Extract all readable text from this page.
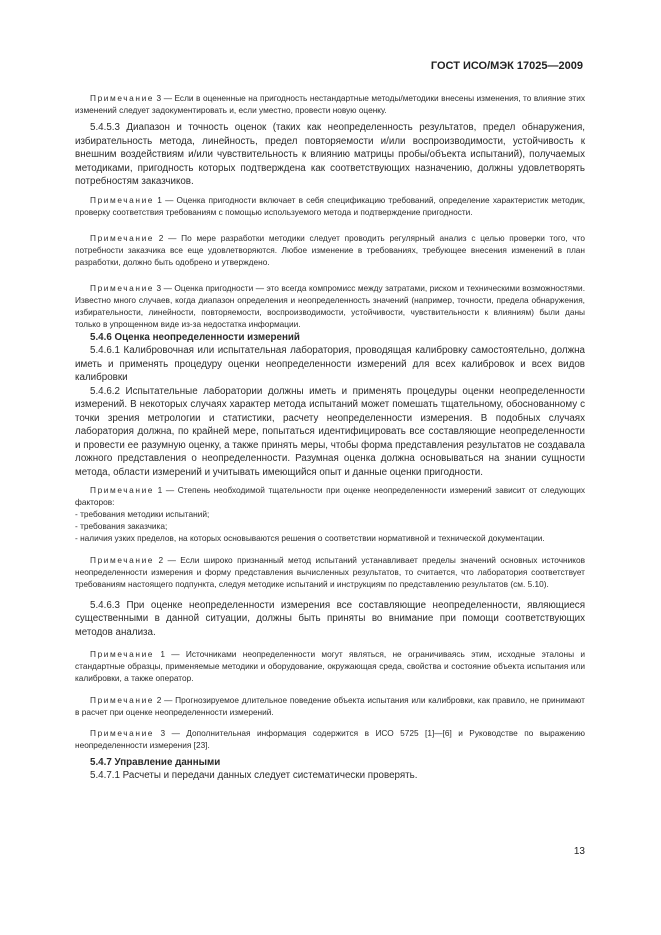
ГОСТ ИСО/МЭК 17025—2009

Примечание 3 — Если в оцененные на пригодность нестандартные методы/методики внесены изменения, то влияние этих изменений следует задокументировать и, если уместно, провести новую оценку.

5.4.5.3 Диапазон и точность оценок (таких как неопределенность результатов, предел обнаружения, избирательность метода, линейность, предел повторяемости и/или воспроизводимости, устойчивость к внешним воздействиям и/или чувствительность к влиянию матрицы пробы/объекта испытаний), получаемых методиками, пригодность которых подтверждена как соответствующих назначению, должны удовлетворять потребностям заказчиков.

Примечание 1 — Оценка пригодности включает в себя спецификацию требований, определение характеристик методик, проверку соответствия требованиям с помощью используемого метода и подтверждение пригодности.

Примечание 2 — По мере разработки методики следует проводить регулярный анализ с целью проверки того, что потребности заказчика все еще удовлетворяются. Любое изменение в требованиях, требующее внесения изменений в план разработки, должно быть одобрено и утверждено.

Примечание 3 — Оценка пригодности — это всегда компромисс между затратами, риском и техническими возможностями. Известно много случаев, когда диапазон определения и неопределенность значений (например, точности, предела обнаружения, избирательности, линейности, повторяемости, воспроизводимости, устойчивости, чувствительности к влияниям) были даны только в упрощенном виде из-за недостатка информации.

5.4.6 Оценка неопределенности измерений

5.4.6.1 Калибровочная или испытательная лаборатория, проводящая калибровку самостоятельно, должна иметь и применять процедуру оценки неопределенности измерений для всех калибровок и всех видов калибровки

5.4.6.2 Испытательные лаборатории должны иметь и применять процедуры оценки неопределенности измерений. В некоторых случаях характер метода испытаний может помешать тщательному, обоснованному с точки зрения метрологии и статистики, расчету неопределенности измерения. В подобных случаях лаборатория должна, по крайней мере, попытаться идентифицировать все составляющие неопределенности и провести ее разумную оценку, а также принять меры, чтобы форма представления результатов не создавала ложного представления о неопределенности. Разумная оценка должна основываться на знании сущности метода, области измерений и учитывать имеющийся опыт и данные оценки пригодности.

Примечание 1 — Степень необходимой тщательности при оценке неопределенности измерений зависит от следующих факторов:

- требования методики испытаний;

- требования заказчика;

- наличия узких пределов, на которых основываются решения о соответствии нормативной и технической документации.

Примечание 2 — Если широко признанный метод испытаний устанавливает пределы значений основных источников неопределенности измерения и форму представления вычисленных результатов, то считается, что лаборатория соответствует требованиям настоящего подпункта, следуя методике испытаний и инструкциям по представлению результатов (см. 5.10).

5.4.6.3 При оценке неопределенности измерения все составляющие неопределенности, являющиеся существенными в данной ситуации, должны быть приняты во внимание при помощи соответствующих методов анализа.

Примечание 1 — Источниками неопределенности могут являться, не ограничиваясь этим, исходные эталоны и стандартные образцы, применяемые методики и оборудование, окружающая среда, свойства и состояние объекта испытания или калибровки, а также оператор.

Примечание 2 — Прогнозируемое длительное поведение объекта испытания или калибровки, как правило, не принимают в расчет при оценке неопределенности измерений.

Примечание 3 — Дополнительная информация содержится в ИСО 5725 [1]—[6] и Руководстве по выражению неопределенности измерения [23].

5.4.7 Управление данными

5.4.7.1 Расчеты и передачи данных следует систематически проверять.

13
